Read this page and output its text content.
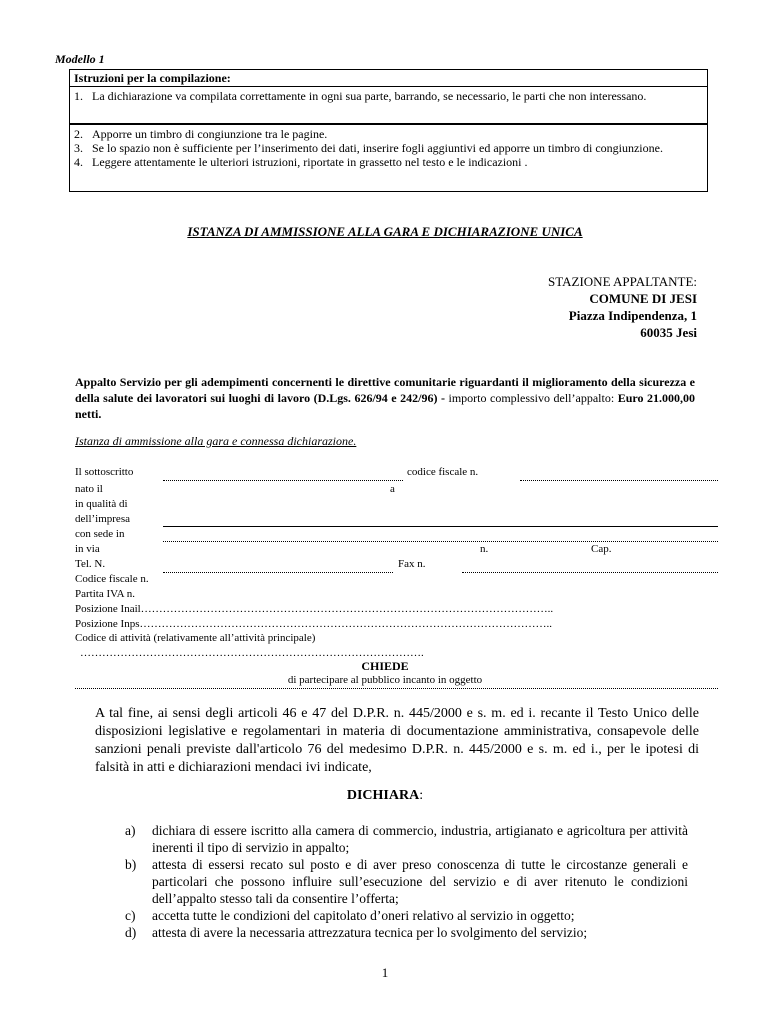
Modello 1
Istruzioni per la compilazione:
1. La dichiarazione va compilata correttamente in ogni sua parte, barrando, se necessario, le parti che non interessano.
2. Apporre un timbro di congiunzione tra le pagine.
3. Se lo spazio non è sufficiente per l’inserimento dei dati, inserire fogli aggiuntivi ed apporre un timbro di congiunzione.
4. Leggere attentamente le ulteriori istruzioni, riportate in grassetto nel testo e le indicazioni .
ISTANZA DI AMMISSIONE ALLA GARA E DICHIARAZIONE UNICA
STAZIONE APPALTANTE:
COMUNE DI JESI
Piazza Indipendenza, 1
60035 Jesi
Appalto Servizio per gli adempimenti concernenti le direttive comunitarie riguardanti il miglioramento della sicurezza e della salute dei lavoratori sui luoghi di lavoro (D.Lgs. 626/94 e 242/96) - importo complessivo dell’appalto: Euro 21.000,00 netti.
Istanza di ammissione alla gara e connessa dichiarazione.
Il sottoscritto	codice fiscale n.
nato il	a
in qualità di
dell’impresa
con sede in
in via	n.	Cap.
Tel. N.	Fax n.
Codice fiscale n.
Partita IVA n.
Posizione Inail…………………………………………………………………………………………………..
Posizione Inps…………………………………………………………………………………………………..
Codice di attività (relativamente all’attività principale)
………………………………………………………………………………….
CHIEDE
di partecipare al pubblico incanto in oggetto
A tal fine, ai sensi degli articoli 46 e 47 del D.P.R. n. 445/2000 e s. m. ed i. recante il Testo Unico delle disposizioni legislative e regolamentari in materia di documentazione amministrativa, consapevole delle sanzioni penali previste dall'articolo 76 del medesimo D.P.R. n. 445/2000 e s. m. ed i., per le ipotesi di falsità in atti e dichiarazioni mendaci ivi indicate,
DICHIARA:
a)	dichiara di essere iscritto alla camera di commercio, industria, artigianato e agricoltura per attività inerenti il tipo di servizio in appalto;
b)	attesta di essersi recato sul posto e di aver preso conoscenza di tutte le circostanze generali e particolari che possono influire sull’esecuzione del servizio e di aver ritenuto le condizioni dell’appalto stesso tali da consentire l’offerta;
c)	accetta tutte le condizioni del capitolato d’oneri relativo al servizio in oggetto;
d)	attesta di avere la necessaria attrezzatura tecnica per lo svolgimento del servizio;
1
